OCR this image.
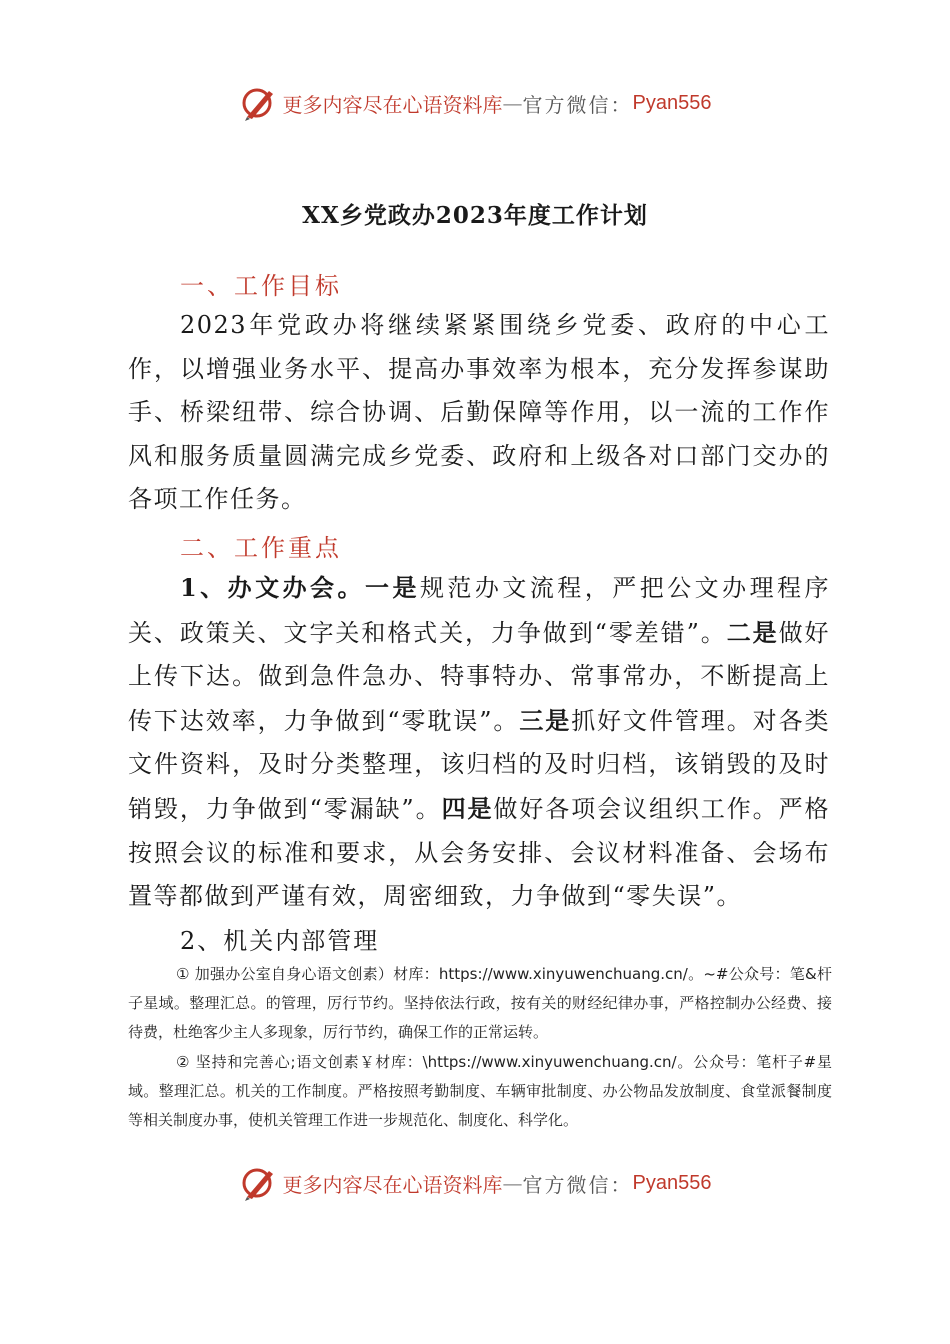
更多内容尽在心语资料库 — 官方微信： Pyan556
XX乡党政办2023年度工作计划
一、工作目标
2023年党政办将继续紧紧围绕乡党委、政府的中心工作，以增强业务水平、提高办事效率为根本，充分发挥参谋助手、桥梁纽带、综合协调、后勤保障等作用，以一流的工作作风和服务质量圆满完成乡党委、政府和上级各对口部门交办的各项工作任务。
二、工作重点
1、办文办会。一是规范办文流程，严把公文办理程序关、政策关、文字关和格式关，力争做到“零差错”。二是做好上传下达。做到急件急办、特事特办、常事常办，不断提高上传下达效率，力争做到“零耽误”。三是抓好文件管理。对各类文件资料，及时分类整理，该归档的及时归档，该销毁的及时销毁，力争做到“零漏缺”。四是做好各项会议组织工作。严格按照会议的标准和要求，从会务安排、会议材料准备、会场布置等都做到严谨有效，周密细致，力争做到“零失误”。
2、机关内部管理
① 加强办公室自身心语文创素）材库：https://www.xinyuwenchuang.cn/。~#公众号：笔&杆子星域。整理汇总。的管理，厉行节约。坚持依法行政，按有关的财经纪律办事，严格控制办公经费、接待费，杜绝客少主人多现象，厉行节约，确保工作的正常运转。
② 坚持和完善心;语文创素￥材库：\https://www.xinyuwenchuang.cn/。公众号：笔杆子#星域。整理汇总。机关的工作制度。严格按照考勤制度、车辆审批制度、办公物品发放制度、食堂派餐制度等相关制度办事，使机关管理工作进一步规范化、制度化、科学化。
更多内容尽在心语资料库 — 官方微信： Pyan556
